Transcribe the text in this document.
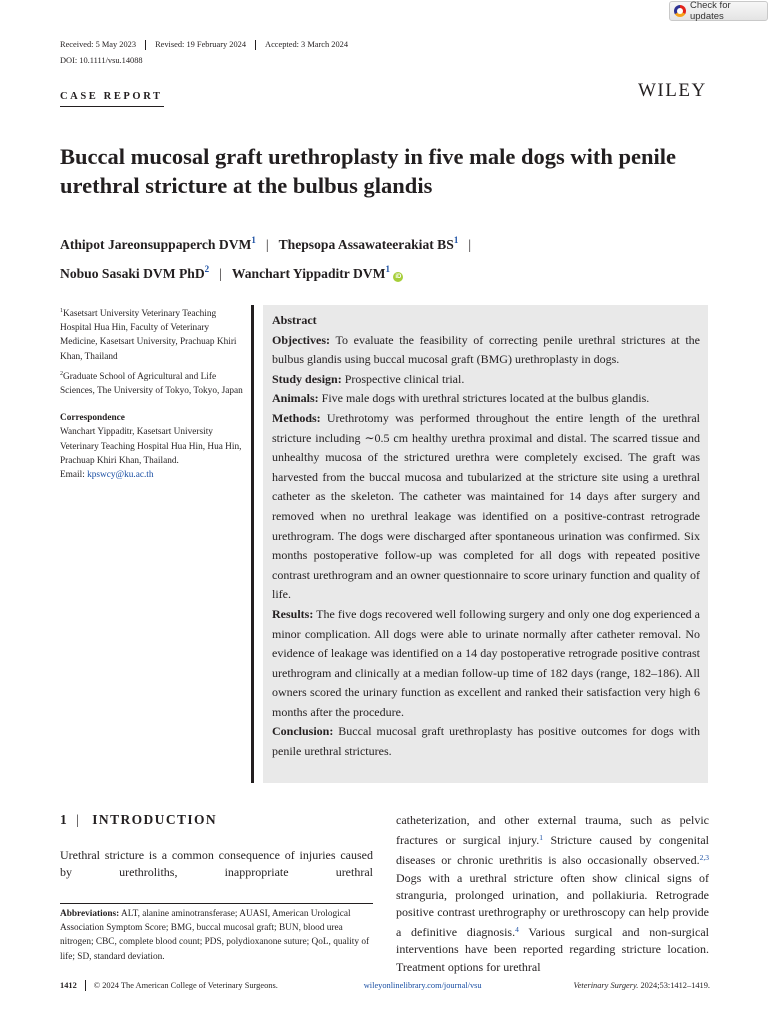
Check for updates
Received: 5 May 2023	Revised: 19 February 2024	Accepted: 3 March 2024
DOI: 10.1111/vsu.14088
CASE REPORT	WILEY
Buccal mucosal graft urethroplasty in five male dogs with penile urethral stricture at the bulbus glandis
Athipot Jareonsuppaperch DVM$^1$ | Thepsopa Assawateerakiat $BS^1$ |
Nobuo Sasaki DVM PhD$^2$ | Wanchart Yippaditr DVM$^1$ iD

$^1$Kasetsart University Veterinary Teaching Hospital Hua Hin, Faculty of Veterinary Medicine, Kasetsart University, Prachuap Khiri Khan, Thailand

$^2$Graduate School of Agricultural and Life Sciences, The University of Tokyo, Tokyo, Japan

Correspondence

Wanchart Yippaditr, Kasetsart University Veterinary Teaching Hospital Hua Hin, Hua Hin, Prachuap Khiri Khan, Thailand.
Email: kpswcy@ku.ac.th

Abstract

Objectives: To evaluate the feasibility of correcting penile urethral strictures at the bulbus glandis using buccal mucosal graft (BMG) urethroplasty in dogs.

Study design: Prospective clinical trial.

Animals: Five male dogs with urethral strictures located at the bulbus glandis.

Methods: Urethrotomy was performed throughout the entire length of the urethral stricture including ∼0.5 cm healthy urethra proximal and distal. The scarred tissue and unhealthy mucosa of the strictured urethra were completely excised. The graft was harvested from the buccal mucosa and tubularized at the stricture site using a urethral catheter as the skeleton. The catheter was maintained for 14 days after surgery and removed when no urethral leakage was identified on a positive-contrast retrograde urethrogram. The dogs were discharged after spontaneous urination was confirmed. Six months postoperative follow-up was completed for all dogs with repeated positive contrast urethrogram and an owner questionnaire to score urinary function and quality of life.

Results: The five dogs recovered well following surgery and only one dog experienced a minor complication. All dogs were able to urinate normally after catheter removal. No evidence of leakage was identified on a 14 day postoperative retrograde positive contrast urethrogram and clinically at a median follow-up time of 182 days (range, 182–186). All owners scored the urinary function as excellent and ranked their satisfaction very high 6 months after the procedure.

Conclusion: Buccal mucosal graft urethroplasty has positive outcomes for dogs with penile urethral strictures.

1 | INTRODUCTION

Urethral stricture is a common consequence of injuries caused by urethroliths, inappropriate urethral

Abbreviations: ALT, alanine aminotransferase; AUASI, American Urological Association Symptom Score; BMG, buccal mucosal graft; BUN, blood urea nitrogen; CBC, complete blood count; PDS, polydioxanone suture; QoL, quality of life; SD, standard deviation.

catheterization, and other external trauma, such as pelvic fractures or surgical injury.$^1$ Stricture caused by congenital diseases or chronic urethritis is also occasionally observed.$^{2,3}$ Dogs with a urethral stricture often show clinical signs of stranguria, prolonged urination, and pollakiuria. Retrograde positive contrast urethrography or urethroscopy can help provide a definitive diagnosis.$^4$ Various surgical and non-surgical interventions have been reported regarding stricture location. Treatment options for urethral

1412	© 2024 The American College of Veterinary Surgeons.	wileyonlinelibrary.com/journal/vsu	Veterinary Surgery. 2024;53:1412–1419.
